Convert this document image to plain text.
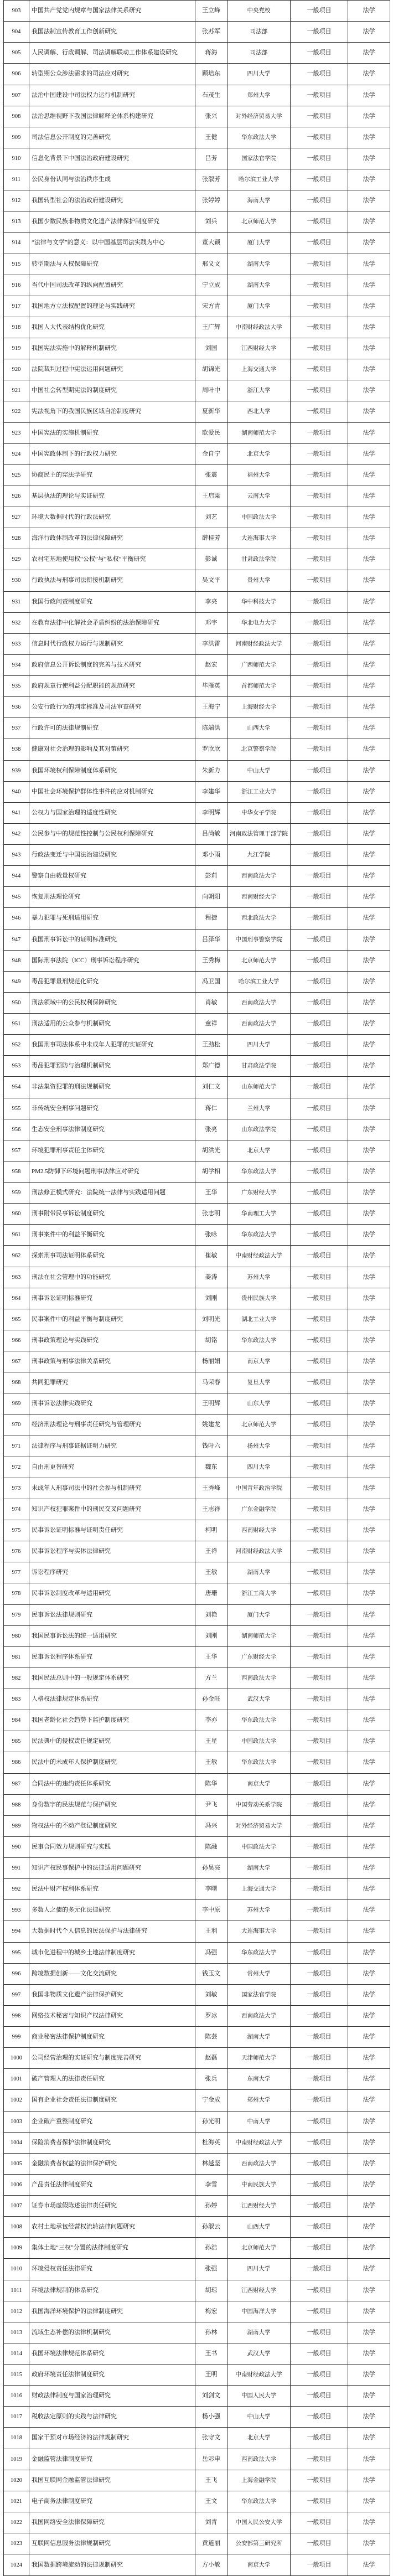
903	中国共产党党内规章与国家法律关系研究	王立峰	中央党校	一般项目	法学
904	我国法制宣传教育工作创新研究	张苏军	司法部	一般项目	法学
905	人民调解、行政调解、司法调解联动工作体系建设研究	蒋海	司法部	一般项目	法学
906	转型期公众涉法需求的司法应对研究	顾培东	四川大学	一般项目	法学
907	法治中国建设中司法权力运行机制研究	石茂生	郑州大学	一般项目	法学
908	法治思维视野下我国法律解释论体系构建研究	张兴	对外经济贸易大学	一般项目	法学
909	司法信息公开制度的完善研究	王健	华东政法大学	一般项目	法学
910	信息化背景下中国法治政府建设研究	吕芳	国家法官学院	一般项目	法学
911	公民身份认同与法治秩序生成	张淑芳	哈尔滨工业大学	一般项目	法学
912	我国转型社会的法治政府建设研究	张婷婷	海南大学	一般项目	法学
913	我国少数民族非物质文化遗产法律保护制度研究	刘兵	北京师范大学	一般项目	法学
914	“法律与文学”的意义：以中国基层司法实践为中心	董大颖	厦门大学	一般项目	法学
915	转型期法与人权保障研究	邢义文	湖南大学	一般项目	法学
916	当代中国司法改革的纵向配置研究	宁立成	湖南大学	一般项目	法学
917	我国地方立法权配置的理论与实践研究	宋方青	厦门大学	一般项目	法学
918	我国人大代表结构优化研究	王广辉	中南财经政法大学	一般项目	法学
919	我国宪法实施中的解释机制研究	刘国	江西财经大学	一般项目	法学
920	法院裁判过程中宪法运用问题研究	胡锦光	上海交通大学	一般项目	法学
921	中国社会转型期宪法的制度研究	周叶中	浙江大学	一般项目	法学
922	宪法视角下的我国民族区域自治制度研究	夏新华	西北大学	一般项目	法学
923	中国宪法的实施机制研究	欧爱民	湖南师范大学	一般项目	法学
924	中国宪政体制下的行政权力研究	金自宁	北京大学	一般项目	法学
925	协商民主的宪法学研究	张震	福州大学	一般项目	法学
926	基层执法的理论与实证研究	王启梁	云南大学	一般项目	法学
927	环境大数据时代的行政法研究	刘艺	中国政法大学	一般项目	法学
928	海洋行政体制改革的法律保障研究	薛桂芳	大连海事大学	一般项目	法学
929	农村宅基地使用权“公权”与“私权”平衡研究	彭诚	甘肃政法学院	一般项目	法学
930	行政执法与刑事司法衔接机制研究	吴文平	贵州大学	一般项目	法学
931	我国行政问责制度研究	李亮	华中科技大学	一般项目	法学
932	在教育法律中化解社会矛盾纠纷的法治保障研究	邓宇	华北电力大学	一般项目	法学
933	信息时代行政权力运行与规制研究	李洪雷	河南财经政法大学	一般项目	法学
934	政府信息公开诉讼制度的完善与技术研究	赵宏	广西师范大学	一般项目	法学
935	政府规章行使利益分配职能的规范研究	毕雁英	首都师范大学	一般项目	法学
936	公安行政行为的判定标准及司法审查研究	王海宁	上海财经大学	一般项目	法学
937	行政许可的法律规制研究	陈端洪	山西大学	一般项目	法学
938	健康对社会治理的影响及其对策研究	罗欣欣	北京警察学院	一般项目	法学
939	我国环境权利保障制度体系研究	朱新力	中山大学	一般项目	法学
940	中国社会环境保护群体性事件的应对机制研究	李建华	浙江工业大学	一般项目	法学
941	公权力与国家治理的适度性研究	李明辉	中华女子学院	一般项目	法学
942	公民参与中的规范性控制与公民权利保障研究	吕尚敏	河南政法管理干部学院	一般项目	法学
943	行政法变迁与中国法治建设研究	邓小雨	九江学院	一般项目	法学
944	警察自由裁量权研究	彭莉	西南政法大学	一般项目	法学
945	恢复刑法理论研究	向朝阳	西南财经大学	一般项目	法学
946	暴力犯罪与死刑适用研究	程捷	西北政法大学	一般项目	法学
947	我国刑事诉讼中的证明标准研究	吕泽华	中国刑事警察学院	一般项目	法学
948	国际刑事法院（ICC）刑事诉讼程序研究	王秀梅	北京师范大学	一般项目	法学
949	毒品犯罪量刑规范化研究	冯卫国	哈尔滨工业大学	一般项目	法学
950	刑法领域中的公民权利保障研究	肖敏	西南政法大学	一般项目	法学
951	刑法适用的公众参与机制研究	童祥	西南政法大学	一般项目	法学
952	我国刑事司法体系中未成年人犯罪的实证研究	王劲松	四川大学	一般项目	法学
953	毒品犯罪预防与治理机制研究	郑广德	甘肃政法学院	一般项目	法学
954	非法集资犯罪的刑法规制研究	刘仁文	山东师范大学	一般项目	法学
955	非传统安全刑事问题研究	蒋仁	兰州大学	一般项目	法学
956	生态安全刑事法律制度研究	张亮	山东政法学院	一般项目	法学
957	环境犯罪刑事责任主体研究	胡洪光	北京大学	一般项目	法学
958	PM2.5防御下环境问题刑事法律应对研究	胡学相	华东政法大学	一般项目	法学
959	刑法修正模式研究：法院统一法律与实践适用问题	王华	广东财经大学	一般项目	法学
960	刑事附带民事诉讼制度研究	张志明	华南理工大学	一般项目	法学
961	刑事案件中的利益平衡研究	张咏	华东政法大学	一般项目	法学
962	探索刑事司法证明体系研究	崔敏	中南财经政法大学	一般项目	法学
963	刑法在社会管理中的功能研究	姜涛	苏州大学	一般项目	法学
964	刑事诉讼证明标准研究	刘刚	贵州民族大学	一般项目	法学
965	民事案件中的利益平衡与制度研究	刘明光	湖北工业大学	一般项目	法学
966	刑事政策理论与实践研究	胡铭	华东政法大学	一般项目	法学
967	刑事政策与刑事法律关系研究	杨丽娟	南京大学	一般项目	法学
968	共同犯罪研究	马荣春	复旦大学	一般项目	法学
969	刑事诉讼法律实践研究	王明辉	山东大学	一般项目	法学
970	经济刑法理论与刑事责任研究与管理研究	姚建龙	北京师范大学	一般项目	法学
971	法律程序与刑事证据证明力研究	钱叶六	扬州大学	一般项目	法学
972	自由刑更替研究	魏东	四川大学	一般项目	法学
973	未成年人刑事司法中的社会参与机制研究	王秀峰	中国青年政治学院	一般项目	法学
974	知识产权犯罪案件中的刑民交叉问题研究	王志祥	广东金融学院	一般项目	法学
975	民事诉讼证明标准与证明责任研究	柯明	西南财经大学	一般项目	法学
976	民事诉讼程序与实体法律研究	王祥	河南财经政法大学	一般项目	法学
977	诉讼程序研究	王敏	湖南大学	一般项目	法学
978	民事诉讼制度改革与适用研究	唐珊	浙江工商大学	一般项目	法学
979	民事诉讼法律规则研究	刘艳	厦门大学	一般项目	法学
980	我国民事诉讼法的统一适用研究	刘刚	湖南师范大学	一般项目	法学
981	民事诉讼程序体系研究	王华	广东财经大学	一般项目	法学
982	我国民法总则中的一般规定体系研究	方兰	西南政法大学	一般项目	法学
983	人格权法律规定体系研究	孙金旺	武汉大学	一般项目	法学
984	我国老龄化社会趋势下监护制度研究	李亦	华东政法大学	一般项目	法学
985	民法典中的侵权责任规定研究	王星	中国政法大学	一般项目	法学
986	民法中的未成年人保护制度研究	王敏	华东政法大学	一般项目	法学
987	合同法中的违约责任体系研究	陈华	南京大学	一般项目	法学
988	身份数字的民法规范与保护研究	尹飞	中国劳动关系学院	一般项目	法学
989	物权法中的不动产登记制度研究	冯兴	对外经济贸易大学	一般项目	法学
990	民事合同效力规则研究与实践	陈融	中国政法大学	一般项目	法学
991	知识产权民事保护中的法律适用问题研究	孙昊亮	湖南大学	一般项目	法学
992	民法中财产权利体系研究	李曙	上海交通大学	一般项目	法学
993	多数人之债的多元化法律研究	李中原	苏州大学	一般项目	法学
994	大数据时代个人信息的民法保护与法律研究	王利	大连海事大学	一般项目	法学
995	城市化进程中的城乡土地法律制度研究	冯强	华东政法大学	一般项目	法学
996	跨境数据创新——文化交流研究	钱玉文	常州大学	一般项目	法学
997	我国非物质文化遗产法律保护研究	刘敏	国家法官学院	一般项目	法学
998	网络技术秘密与知识产权法律研究	罗冰	西南政法大学	一般项目	法学
999	商业秘密法律保护制度研究	陈芸	湖南大学	一般项目	法学
1000	公司经营治理的实证研究与制度完善研究	赵磊	天津师范大学	一般项目	法学
1001	破产管理人的法律责任研究	张兵	东南大学	一般项目	法学
1002	国有企业社会责任法律制度研究	宁金成	郑州大学	一般项目	法学
1003	企业破产重整制度研究	孙光明	中南大学	一般项目	法学
1004	保险消费者保护法律制度研究	杜海英	中南财经政法大学	一般项目	法学
1005	金融消费者权益的法律保护研究	林越坚	西南政法大学	一般项目	法学
1006	产品责任法律制度研究	李雪	中南民族大学	一般项目	法学
1007	证券市场虚假陈述法律责任研究	孙婷	江西财经大学	一般项目	法学
1008	农村土地承包经营权流转法律问题研究	孙淑云	山西大学	一般项目	法学
1009	集体土地“三权”分置的法律制度研究	孙浩	北京师范大学	一般项目	法学
1010	环境侵权责任法律研究	张强	四川大学	一般项目	法学
1011	环境法律规制的体系研究	胡琼	江西财经大学	一般项目	法学
1012	我国海洋环境保护的法律制度研究	梅宏	中国海洋大学	一般项目	法学
1013	流域生态补偿的法律机制研究	孙林	湖南大学	一般项目	法学
1014	我国环境法律规范体系研究	王书	武汉大学	一般项目	法学
1015	政府环境责任法律制度研究	王明	中南财经政法大学	一般项目	法学
1016	财政法律制度与国家治理研究	刘剑文	中国人民大学	一般项目	法学
1017	税收法定原则的实践与法律研究	杨小强	中山大学	一般项目	法学
1018	国家干预对市场经济的法律规制研究	张守文	北京大学	一般项目	法学
1019	金融监管法律制度研究	岳彩申	西南政法大学	一般项目	法学
1020	我国互联网金融监管法律研究	王飞	上海金融学院	一般项目	法学
1021	电子商务法律制度研究	王文	华东政法大学	一般项目	法学
1022	我国网络安全法律保障研究	刘青	中国人民公安大学	一般项目	法学
1023	互联网信息服务法律规制研究	黄道丽	公安部第三研究所	一般项目	法学
1024	我国数据跨境流动的法律规制研究	方小敏	南京大学	一般项目	法学
